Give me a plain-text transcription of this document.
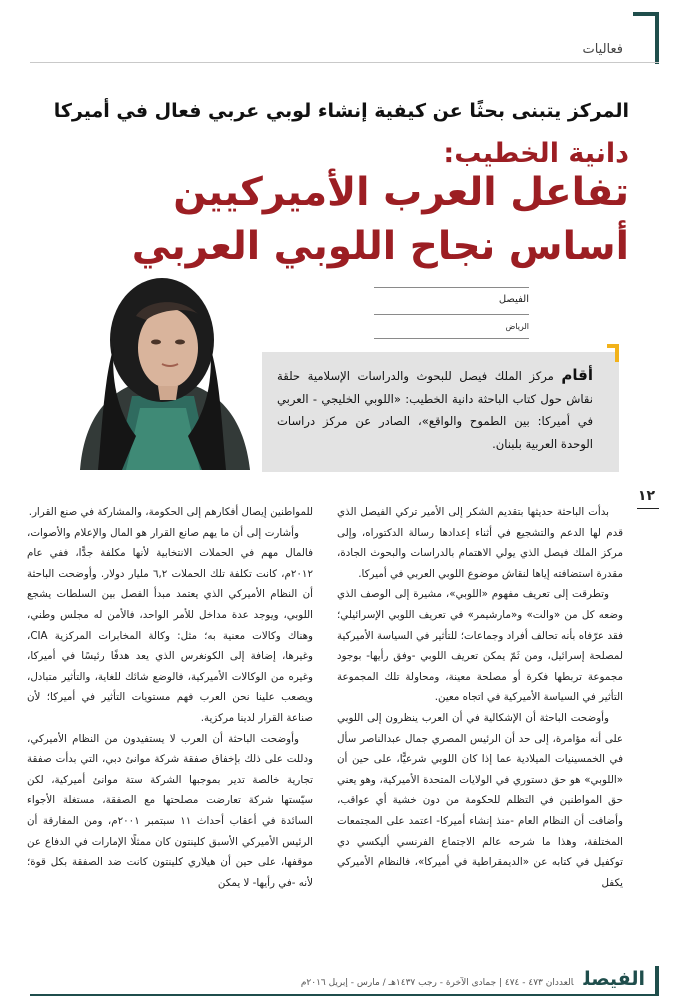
فعاليات
المركز يتبنى بحثًا عن كيفية إنشاء لوبي عربي فعال في أميركا
دانية الخطيب:
تفاعل العرب الأميركيين
أساس نجاح اللوبي العربي
الفيصل
الرياض
أقام مركز الملك فيصل للبحوث والدراسات الإسلامية حلقة نقاش حول كتاب الباحثة دانية الخطيب: «اللوبي الخليجي - العربي في أميركا: بين الطموح والواقع»، الصادر عن مركز دراسات الوحدة العربية بلبنان.
١٢

بدأت الباحثة حديثها بتقديم الشكر إلى الأمير تركي الفيصل الذي قدم لها الدعم والتشجيع في أثناء إعدادها رسالة الدكتوراه، وإلى مركز الملك فيصل الذي يولي الاهتمام بالدراسات والبحوث الجادة، مقدرة استضافته إياها لنقاش موضوع اللوبي العربي في أميركا.

وتطرقت إلى تعريف مفهوم «اللوبي»، مشيرة إلى الوصف الذي وضعه كل من «والت» و«مارشيمر» في تعريف اللوبي الإسرائيلي؛ فقد عرّفاه بأنه تحالف أفراد وجماعات؛ للتأثير في السياسة الأميركية لمصلحة إسرائيل، ومن ثَمّ يمكن تعريف اللوبي -وفق رأيها- بوجود مجموعة تربطها فكرة أو مصلحة معينة، ومحاولة تلك المجموعة التأثير في السياسة الأميركية في اتجاه معين.

وأوضحت الباحثة أن الإشكالية في أن العرب ينظرون إلى اللوبي على أنه مؤامرة، إلى حد أن الرئيس المصري جمال عبدالناصر سأل في الخمسينيات الميلادية عما إذا كان اللوبي شرعيًّا، على حين أن «اللوبي» هو حق دستوري في الولايات المتحدة الأميركية، وهو يعني حق المواطنين في التظلم للحكومة من دون خشية أي عواقب، وأضافت أن النظام العام -منذ إنشاء أميركا- اعتمد على المجتمعات المختلفة، وهذا ما شرحه عالم الاجتماع الفرنسي أليكسي دي توكفيل في كتابه عن «الديمقراطية في أميركا»، فالنظام الأميركي يكفل

للمواطنين إيصال أفكارهم إلى الحكومة، والمشاركة في صنع القرار.

وأشارت إلى أن ما يهم صانع القرار هو المال والإعلام والأصوات، فالمال مهم في الحملات الانتخابية لأنها مكلفة جدًّا، ففي عام ٢٠١٢م، كانت تكلفة تلك الحملات ٦,٢ مليار دولار. وأوضحت الباحثة أن النظام الأميركي الذي يعتمد مبدأ الفصل بين السلطات يشجع اللوبي، ويوجد عدة مداخل للأمر الواحد، فالأمن له مجلس وطني، وهناك وكالات معنية به؛ مثل: وكالة المخابرات المركزية CIA، وغيرها، إضافة إلى الكونغرس الذي يعد هدفًا رئيسًا في أميركا، وغيره من الوكالات الأميركية، فالوضع شائك للغاية، والتأثير متبادل، ويصعب علينا نحن العرب فهم مستويات التأثير في أميركا؛ لأن صناعة القرار لدينا مركزية.

وأوضحت الباحثة أن العرب لا يستفيدون من النظام الأميركي، ودللت على ذلك بإخفاق صفقة شركة موانئ دبي، التي بدأت صفقة تجارية خالصة تدير بموجبها الشركة ستة موانئ أميركية، لكن سيّستها شركة تعارضت مصلحتها مع الصفقة، مستغلة الأجواء السائدة في أعقاب أحداث ١١ سبتمبر ٢٠٠١م، ومن المفارقة أن الرئيس الأميركي الأسبق كلينتون كان ممثلًا الإمارات في الدفاع عن موقفها، على حين أن هيلاري كلينتون كانت ضد الصفقة بكل قوة؛ لأنه -في رأيها- لا يمكن

الفيصلالعددان ٤٧٣ - ٤٧٤ | جمادى الآخرة - رجب ١٤٣٧هـ / مارس - إبريل ٢٠١٦م
